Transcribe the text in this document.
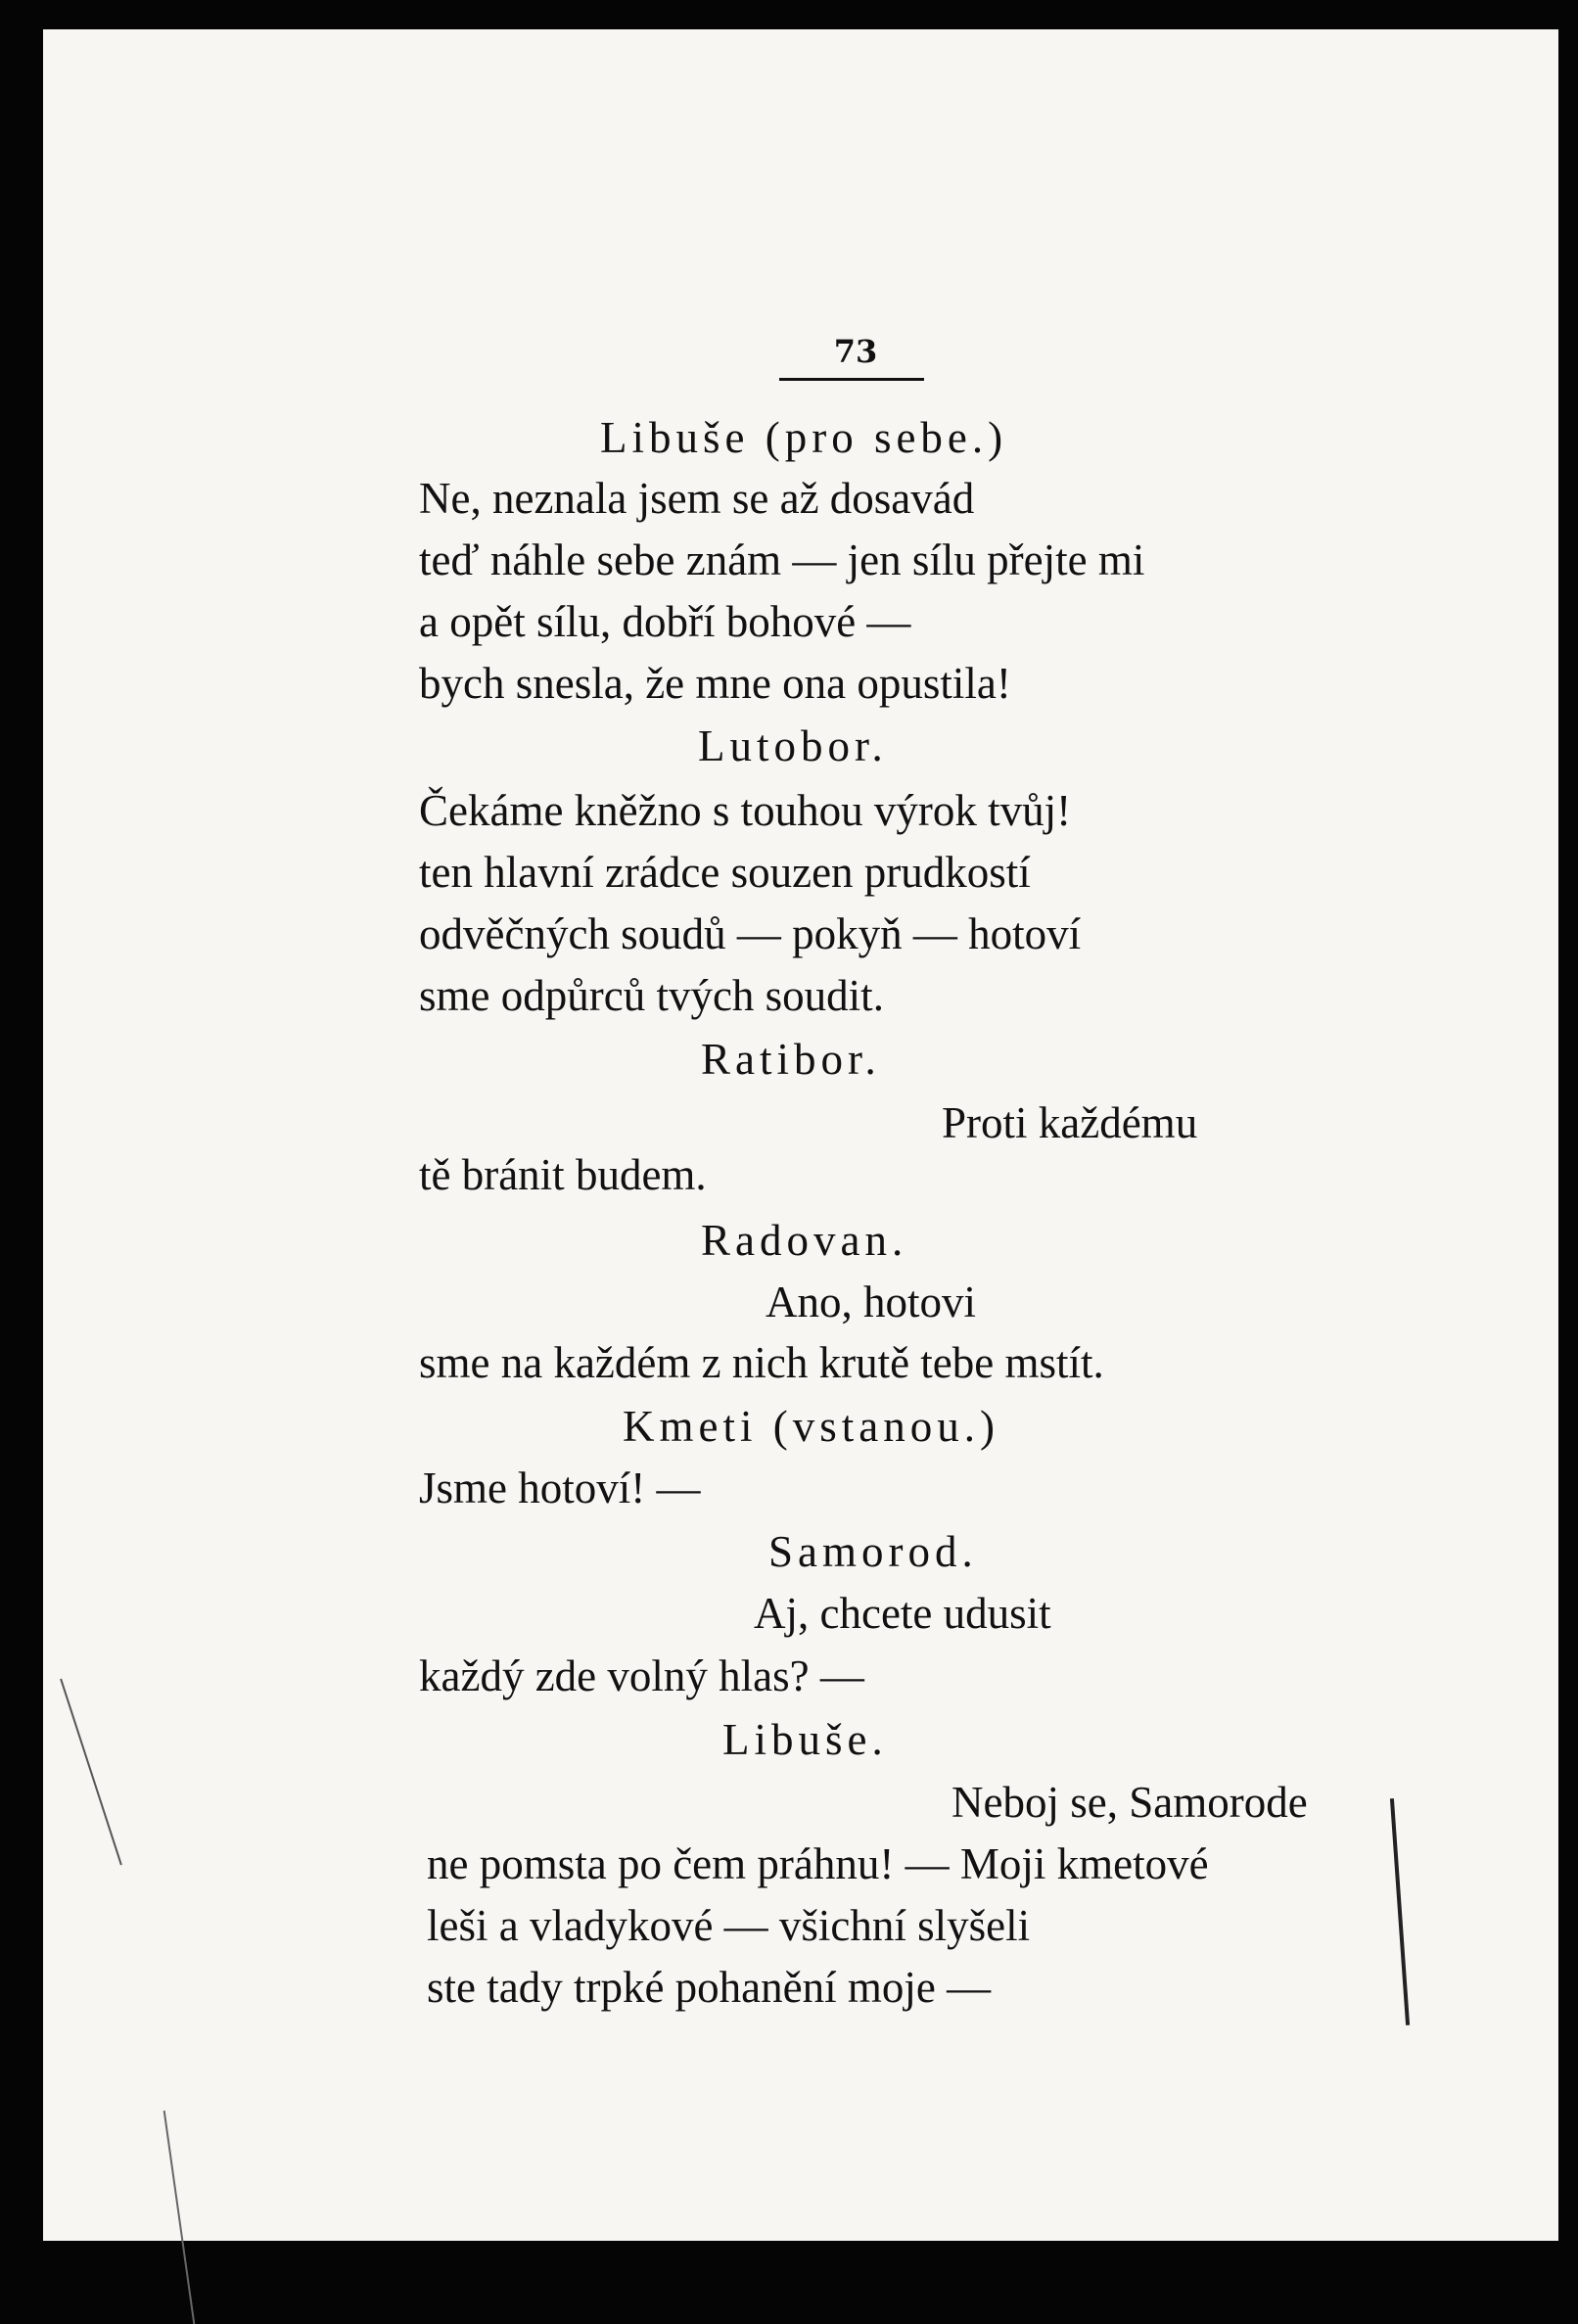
73
Libuše (pro sebe.)
Ne, neznala jsem se až dosavád
teď náhle sebe znám — jen sílu přejte mi
a opět sílu, dobří bohové —
bych snesla, že mne ona opustila!
Lutobor.
Čekáme kněžno s touhou výrok tvůj!
ten hlavní zrádce souzen prudkostí
odvěčných soudů — pokyň — hotoví
sme odpůrců tvých soudit.
Ratibor.
Proti každému
tě bránit budem.
Radovan.
Ano, hotovi
sme na každém z nich krutě tebe mstít.
Kmeti (vstanou.)
Jsme hotoví! —
Samorod.
Aj, chcete udusit
každý zde volný hlas? —
Libuše.
Neboj se, Samorode
ne pomsta po čem práhnu! — Moji kmetové
leši a vladykové — všichní slyšeli
ste tady trpké pohanění moje —
